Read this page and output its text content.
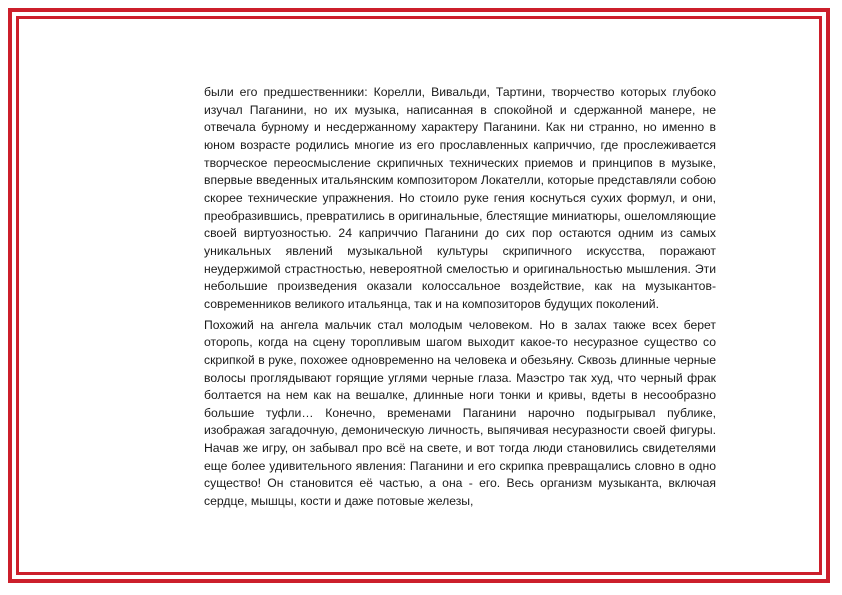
были его предшественники: Корелли, Вивальди, Тартини, творчество которых глубоко изучал Паганини, но их музыка, написанная в спокойной и сдержанной манере, не отвечала бурному и несдержанному характеру Паганини. Как ни странно, но именно в юном возрасте родились многие из его прославленных каприччио, где прослеживается творческое переосмысление скрипичных технических приемов и принципов в музыке, впервые введенных итальянским композитором Локателли, которые представляли собою скорее технические упражнения. Но стоило руке гения коснуться сухих формул, и они, преобразившись, превратились в оригинальные, блестящие миниатюры, ошеломляющие своей виртуозностью. 24 каприччио Паганини до сих пор остаются одним из самых уникальных явлений музыкальной культуры скрипичного искусства, поражают неудержимой страстностью, невероятной смелостью и оригинальностью мышления. Эти небольшие произведения оказали колоссальное воздействие, как на музыкантов-современников великого итальянца, так и на композиторов будущих поколений.

Похожий на ангела мальчик стал молодым человеком. Но в залах также всех берет оторопь, когда на сцену торопливым шагом выходит какое-то несуразное существо со скрипкой в руке, похожее одновременно на человека и обезьяну. Сквозь длинные черные волосы проглядывают горящие углями черные глаза. Маэстро так худ, что черный фрак болтается на нем как на вешалке, длинные ноги тонки и кривы, вдеты в несообразно большие туфли… Конечно, временами Паганини нарочно подыгрывал публике, изображая загадочную, демоническую личность, выпячивая несуразности своей фигуры. Начав же игру, он забывал про всё на свете, и вот тогда люди становились свидетелями еще более удивительного явления: Паганини и его скрипка превращались словно в одно существо! Он становится её частью, а она - его. Весь организм музыканта, включая сердце, мышцы, кости и даже потовые железы,
